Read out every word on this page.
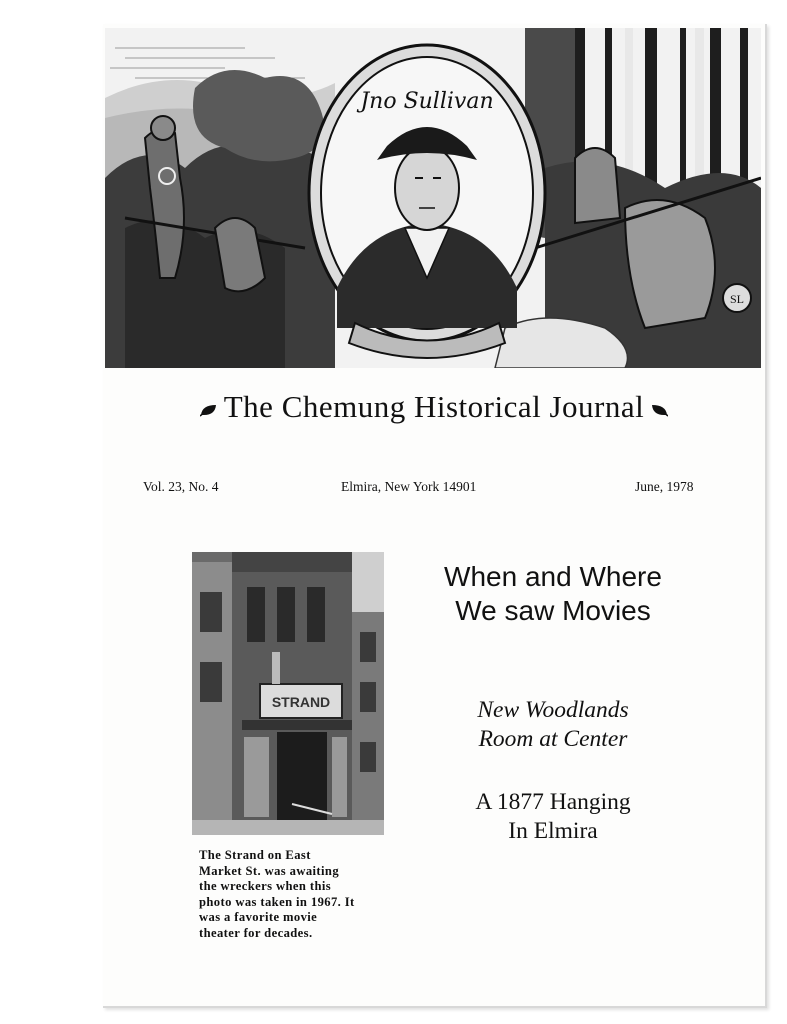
SL
Jno Sullivan
The Chemung Historical Journal
Vol. 23, No. 4	Elmira, New York 14901	June, 1978
STRAND
The Strand on East
Market St. was awaiting
the wreckers when this
photo was taken in 1967. It
was a favorite movie
theater for decades.
When and Where
We saw Movies
New Woodlands
Room at Center
A 1877 Hanging
In Elmira
